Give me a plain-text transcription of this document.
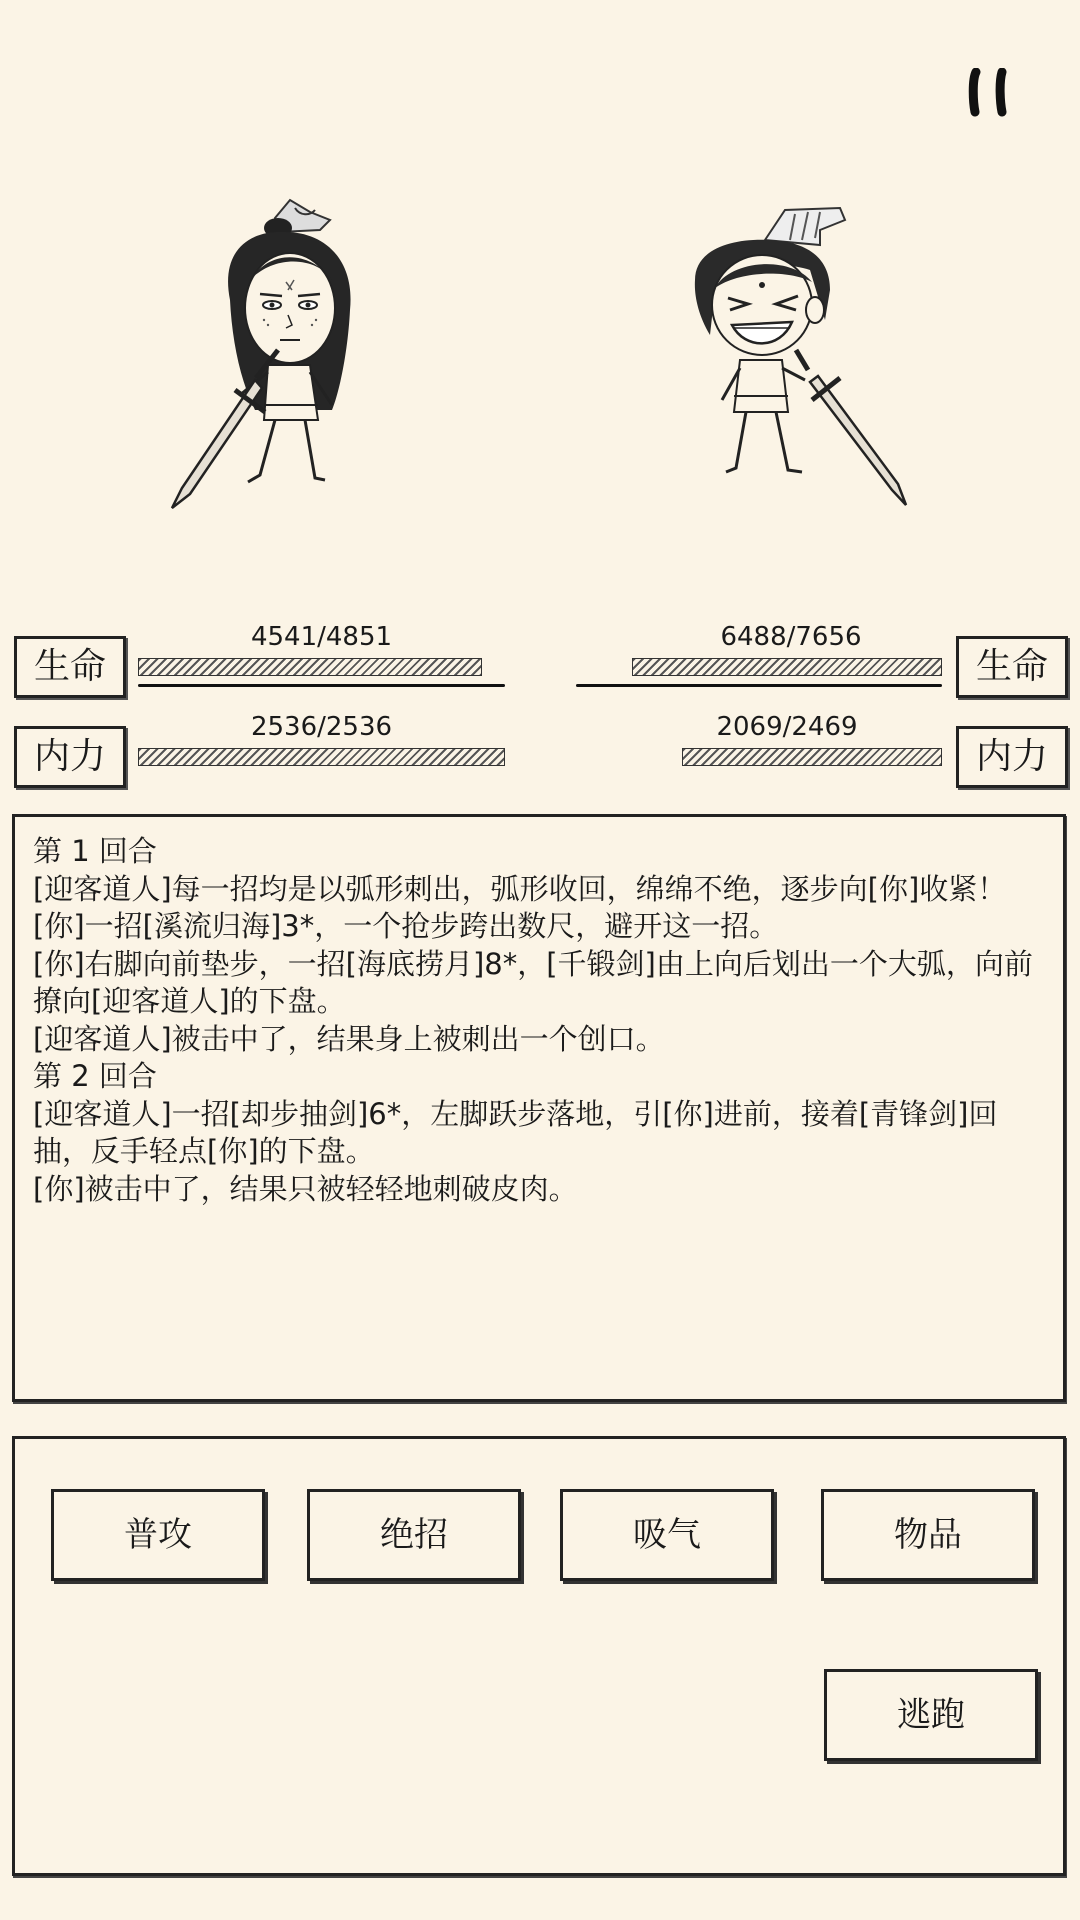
生命
4541/4851
内力
2536/2536
6488/7656
生命
2069/2469
内力

第 1 回合

[迎客道人]每一招均是以弧形刺出，弧形收回，绵绵不绝，逐步向[你]收紧！

[你]一招[溪流归海]3*，一个抢步跨出数尺，避开这一招。

[你]右脚向前垫步，一招[海底捞月]8*，[千锻剑]由上向后划出一个大弧，向前撩向[迎客道人]的下盘。

[迎客道人]被击中了，结果身上被刺出一个创口。

第 2 回合

[迎客道人]一招[却步抽剑]6*，左脚跃步落地，引[你]进前，接着[青锋剑]回抽，反手轻点[你]的下盘。

[你]被击中了，结果只被轻轻地刺破皮肉。

普攻	绝招	吸气	物品
逃跑
